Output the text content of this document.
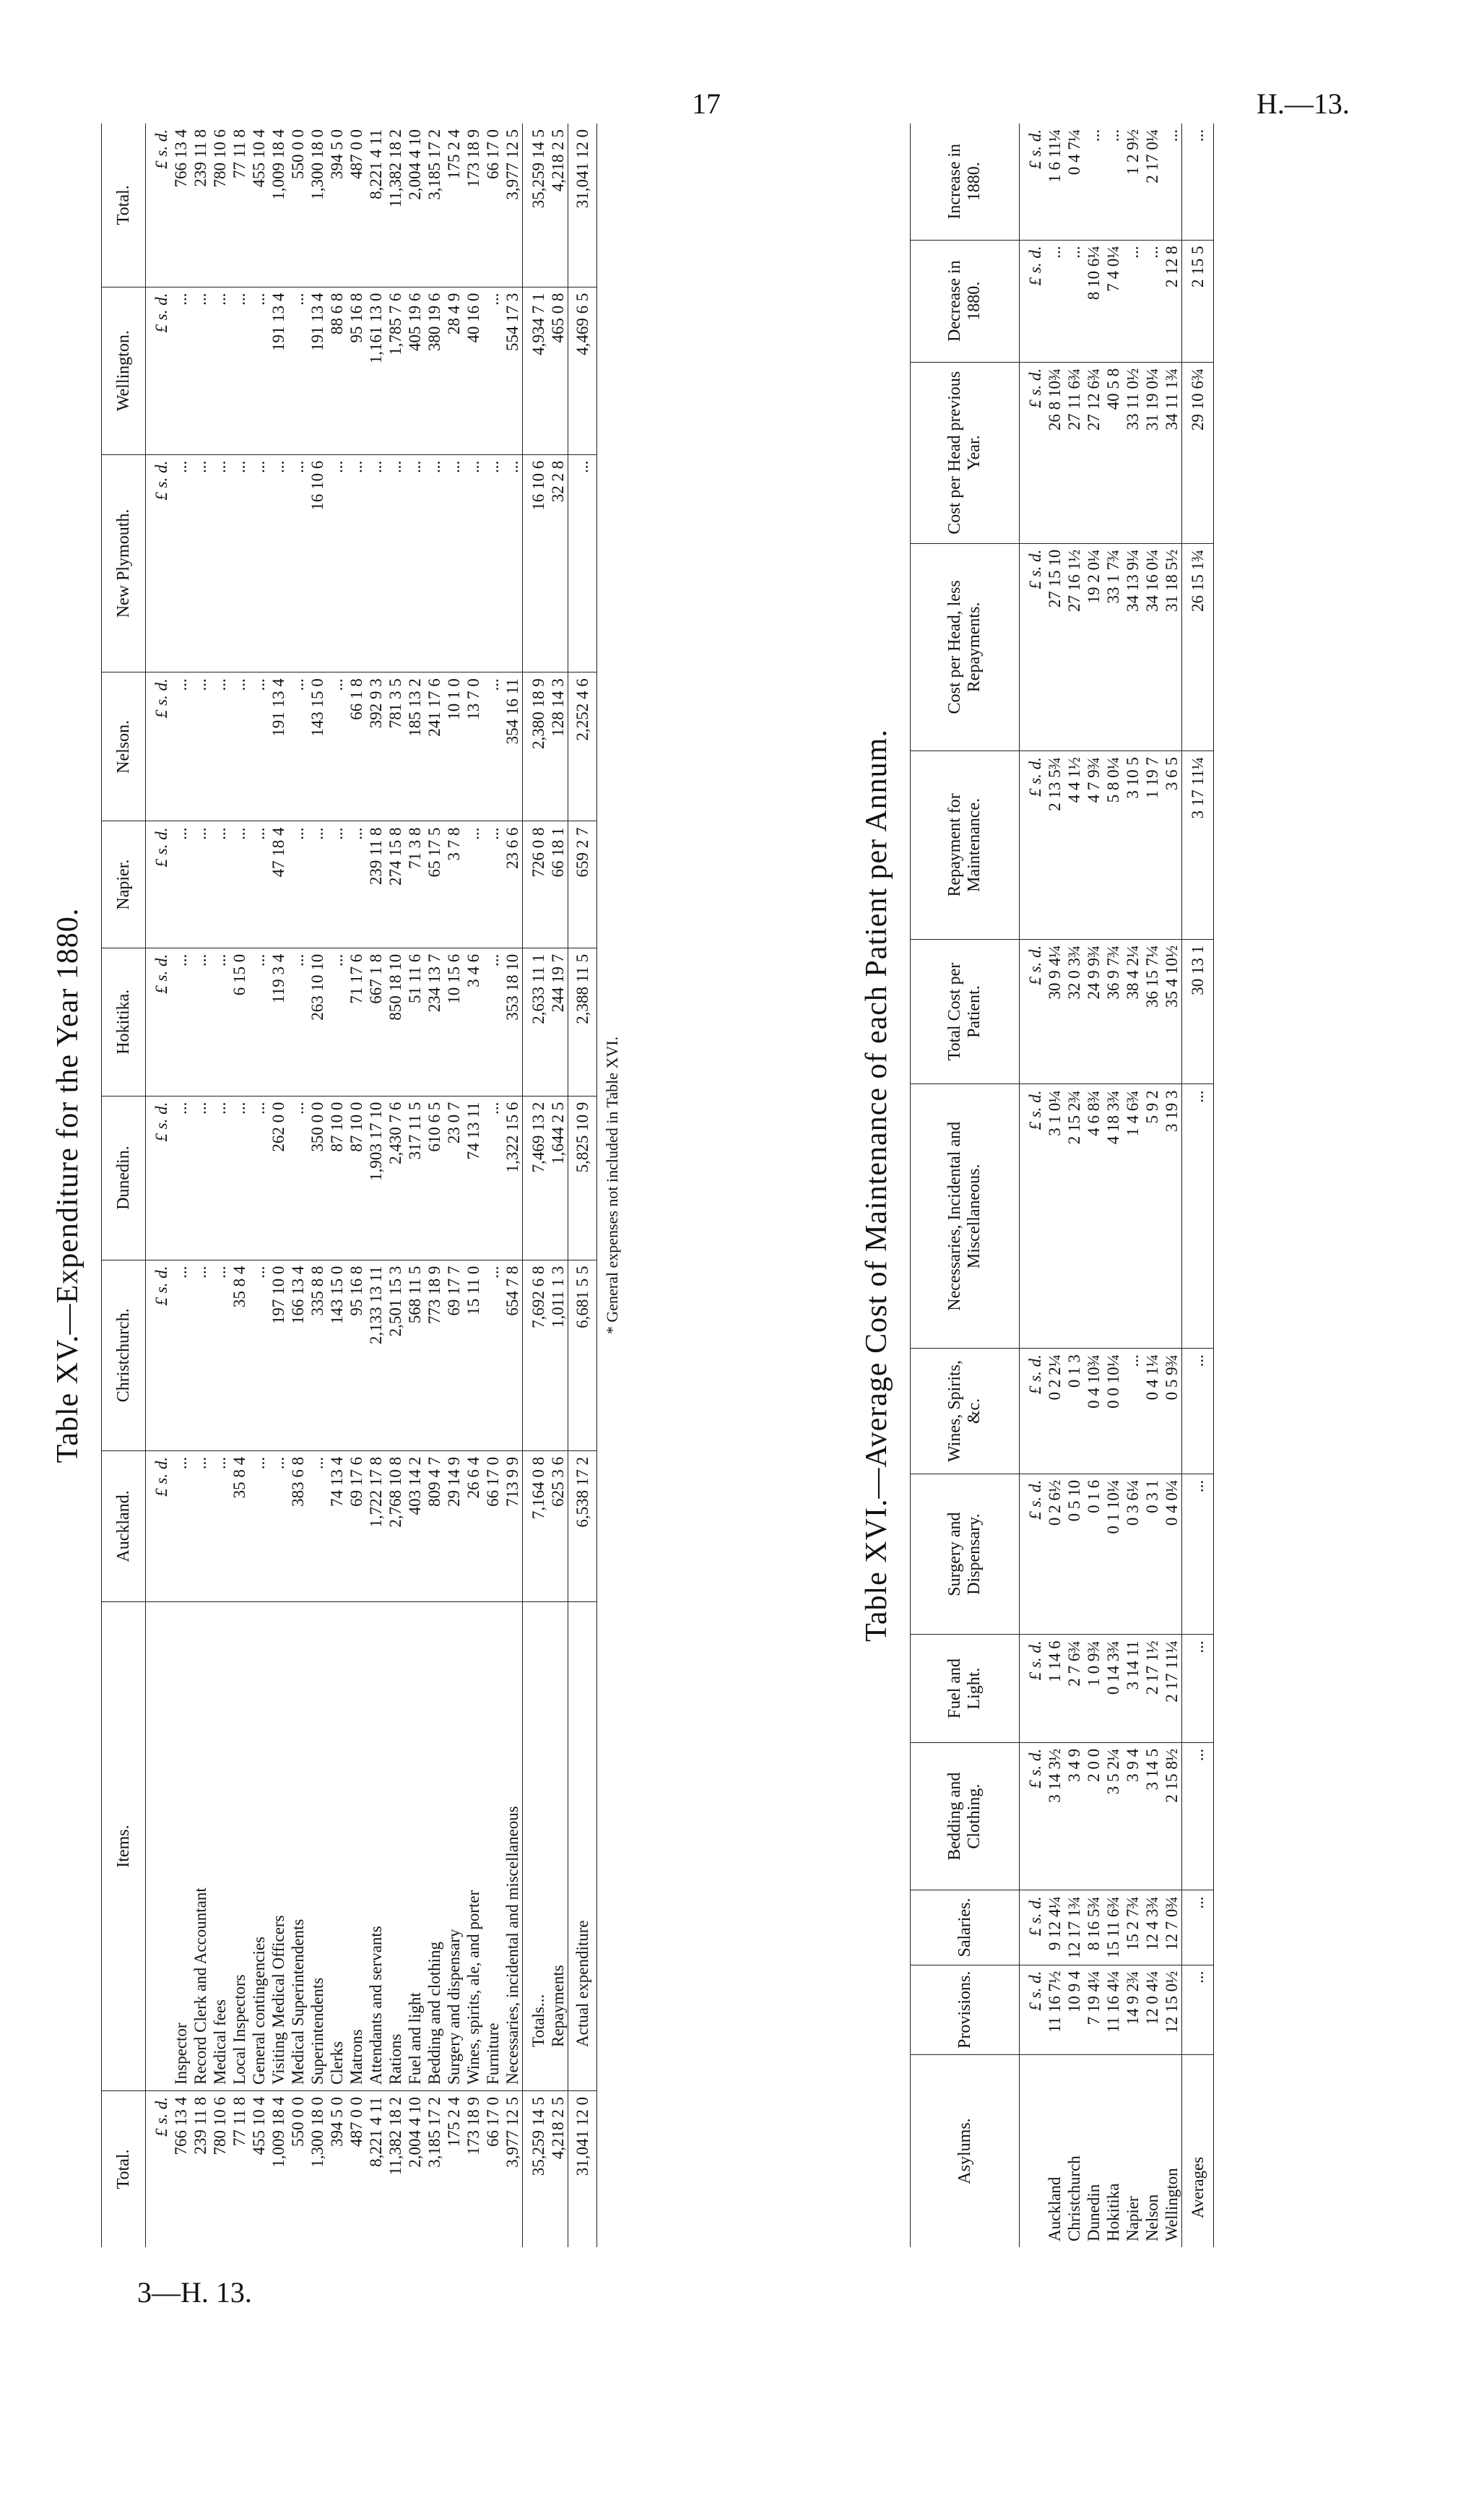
17	H.—13.
3—H. 13.
Table XV.—Expenditure for the Year 1880.
Total.	Items.	Auckland.	Christchurch.	Dunedin.	Hokitika.	Napier.	Nelson.	New Plymouth.	Wellington.	Total.
£ s. d.		£ s. d.	£ s. d.	£ s. d.	£ s. d.	£ s. d.	£ s. d.	£ s. d.	£ s. d.	£ s. d.
766 13 4	Inspector	...	...	...	...	...	...	...	...	766 13 4
239 11 8	Record Clerk and Accountant	...	...	...	...	...	...	...	...	239 11 8
780 10 6	Medical fees	...	...	...	...	...	...	...	...	780 10 6
77 11 8	Local Inspectors	35 8 4	35 8 4	...	6 15 0	...	...	...	...	77 11 8
455 10 4	General contingencies	...	...	...	...	...	...	...	...	455 10 4
1,009 18 4	Visiting Medical Officers	...	197 10 0	262 0 0	119 3 4	47 18 4	191 13 4	...	191 13 4	1,009 18 4
550 0 0	Medical Superintendents	383 6 8	166 13 4	...	...	...	...	...	...	550 0 0
1,300 18 0	Superintendents	...	335 8 8	350 0 0	263 10 10	...	143 15 0	16 10 6	191 13 4	1,300 18 0
394 5 0	Clerks	74 13 4	143 15 0	87 10 0	...	...	...	...	88 6 8	394 5 0
487 0 0	Matrons	69 17 6	95 16 8	87 10 0	71 17 6	...	66 1 8	...	95 16 8	487 0 0
8,221 4 11	Attendants and servants	1,722 17 8	2,133 13 11	1,903 17 10	667 1 8	239 11 8	392 9 3	...	1,161 13 0	8,221 4 11
11,382 18 2	Rations	2,768 10 8	2,501 15 3	2,430 7 6	850 18 10	274 15 8	781 3 5	...	1,785 7 6	11,382 18 2
2,004 4 10	Fuel and light	403 14 2	568 11 5	317 11 5	51 11 6	71 3 8	185 13 2	...	405 19 6	2,004 4 10
3,185 17 2	Bedding and clothing	809 4 7	773 18 9	610 6 5	234 13 7	65 17 5	241 17 6	...	380 19 6	3,185 17 2
175 2 4	Surgery and dispensary	29 14 9	69 17 7	23 0 7	10 15 6	3 7 8	10 1 0	...	28 4 9	175 2 4
173 18 9	Wines, spirits, ale, and porter	26 6 4	15 11 0	74 13 11	3 4 6	...	13 7 0	...	40 16 0	173 18 9
66 17 0	Furniture	66 17 0	...	...	...	...	...	...	...	66 17 0
3,977 12 5	Necessaries, incidental and miscellaneous	713 9 9	654 7 8	1,322 15 6	353 18 10	23 6 6	354 16 11	...	554 17 3	3,977 12 5
35,259 14 5	Totals...	7,164 0 8	7,692 6 8	7,469 13 2	2,633 11 1	726 0 8	2,380 18 9	16 10 6	4,934 7 1	35,259 14 5
4,218 2 5	Repayments	625 3 6	1,011 1 3	1,644 2 5	244 19 7	66 18 1	128 14 3	32 2 8	465 0 8	4,218 2 5
31,041 12 0	Actual expenditure	6,538 17 2	6,681 5 5	5,825 10 9	2,388 11 5	659 2 7	2,252 4 6	...	4,469 6 5	31,041 12 0
* General expenses not included in Table XVI.	Table XVI.—Average Cost of Maintenance of each Patient per Annum.
Asylums.	Provisions.	Salaries.	Bedding and Clothing.	Fuel and Light.	Surgery and Dispensary.	Wines, Spirits, &c.	Necessaries, Incidental and Miscellaneous.	Total Cost per Patient.	Repayment for Maintenance.	Cost per Head, less Repayments.	Cost per Head previous Year.	Decrease in 1880.	Increase in 1880.
	£ s. d.	£ s. d.	£ s. d.	£ s. d.	£ s. d.	£ s. d.	£ s. d.	£ s. d.	£ s. d.	£ s. d.	£ s. d.	£ s. d.	£ s. d.
Auckland	11 16 7½	9 12 4¼	3 14 3½	1 14 6	0 2 6½	0 2 2¼	3 1 0¼	30 9 4¼	2 13 5¾	27 15 10	26 8 10¾	...	1 6 11¼
Christchurch	10 9 4	12 17 1¾	3 4 9	2 7 6¾	0 5 10	0 1 3	2 15 2¾	32 0 3¾	4 4 1½	27 16 1½	27 11 6¾	...	0 4 7¼
Dunedin	7 19 4¼	8 16 5¾	2 0 0	1 0 9¾	0 1 6	0 4 10¾	4 6 8¾	24 9 9¾	4 7 9¾	19 2 0¼	27 12 6¾	8 10 6¼	...
Hokitika	11 16 4¼	15 11 6¾	3 5 2¼	0 14 3¾	0 1 10¼	0 0 10¼	4 18 3¾	36 9 7¾	5 8 0¼	33 1 7¾	40 5 8	7 4 0¼	...
Napier	14 9 2¾	15 2 7¾	3 9 4	3 14 11	0 3 6¼	...	1 4 6¾	38 4 2¼	3 10 5	34 13 9¼	33 11 0½	...	1 2 9½
Nelson	12 0 4¼	12 4 3¾	3 14 5	2 17 1½	0 3 1	0 4 1¼	5 9 2	36 15 7¼	1 19 7	34 16 0¼	31 19 0¼	...	2 17 0¼
Wellington	12 15 0½	12 7 0¾	2 15 8½	2 17 11¼	0 4 0¼	0 5 9¾	3 19 3	35 4 10½	3 6 5	31 18 5½	34 11 1¾	2 12 8	...
Averages	...	...	...	...	...	...	...	30 13 1	3 17 11¼	26 15 1¾	29 10 6¾	2 15 5	...
